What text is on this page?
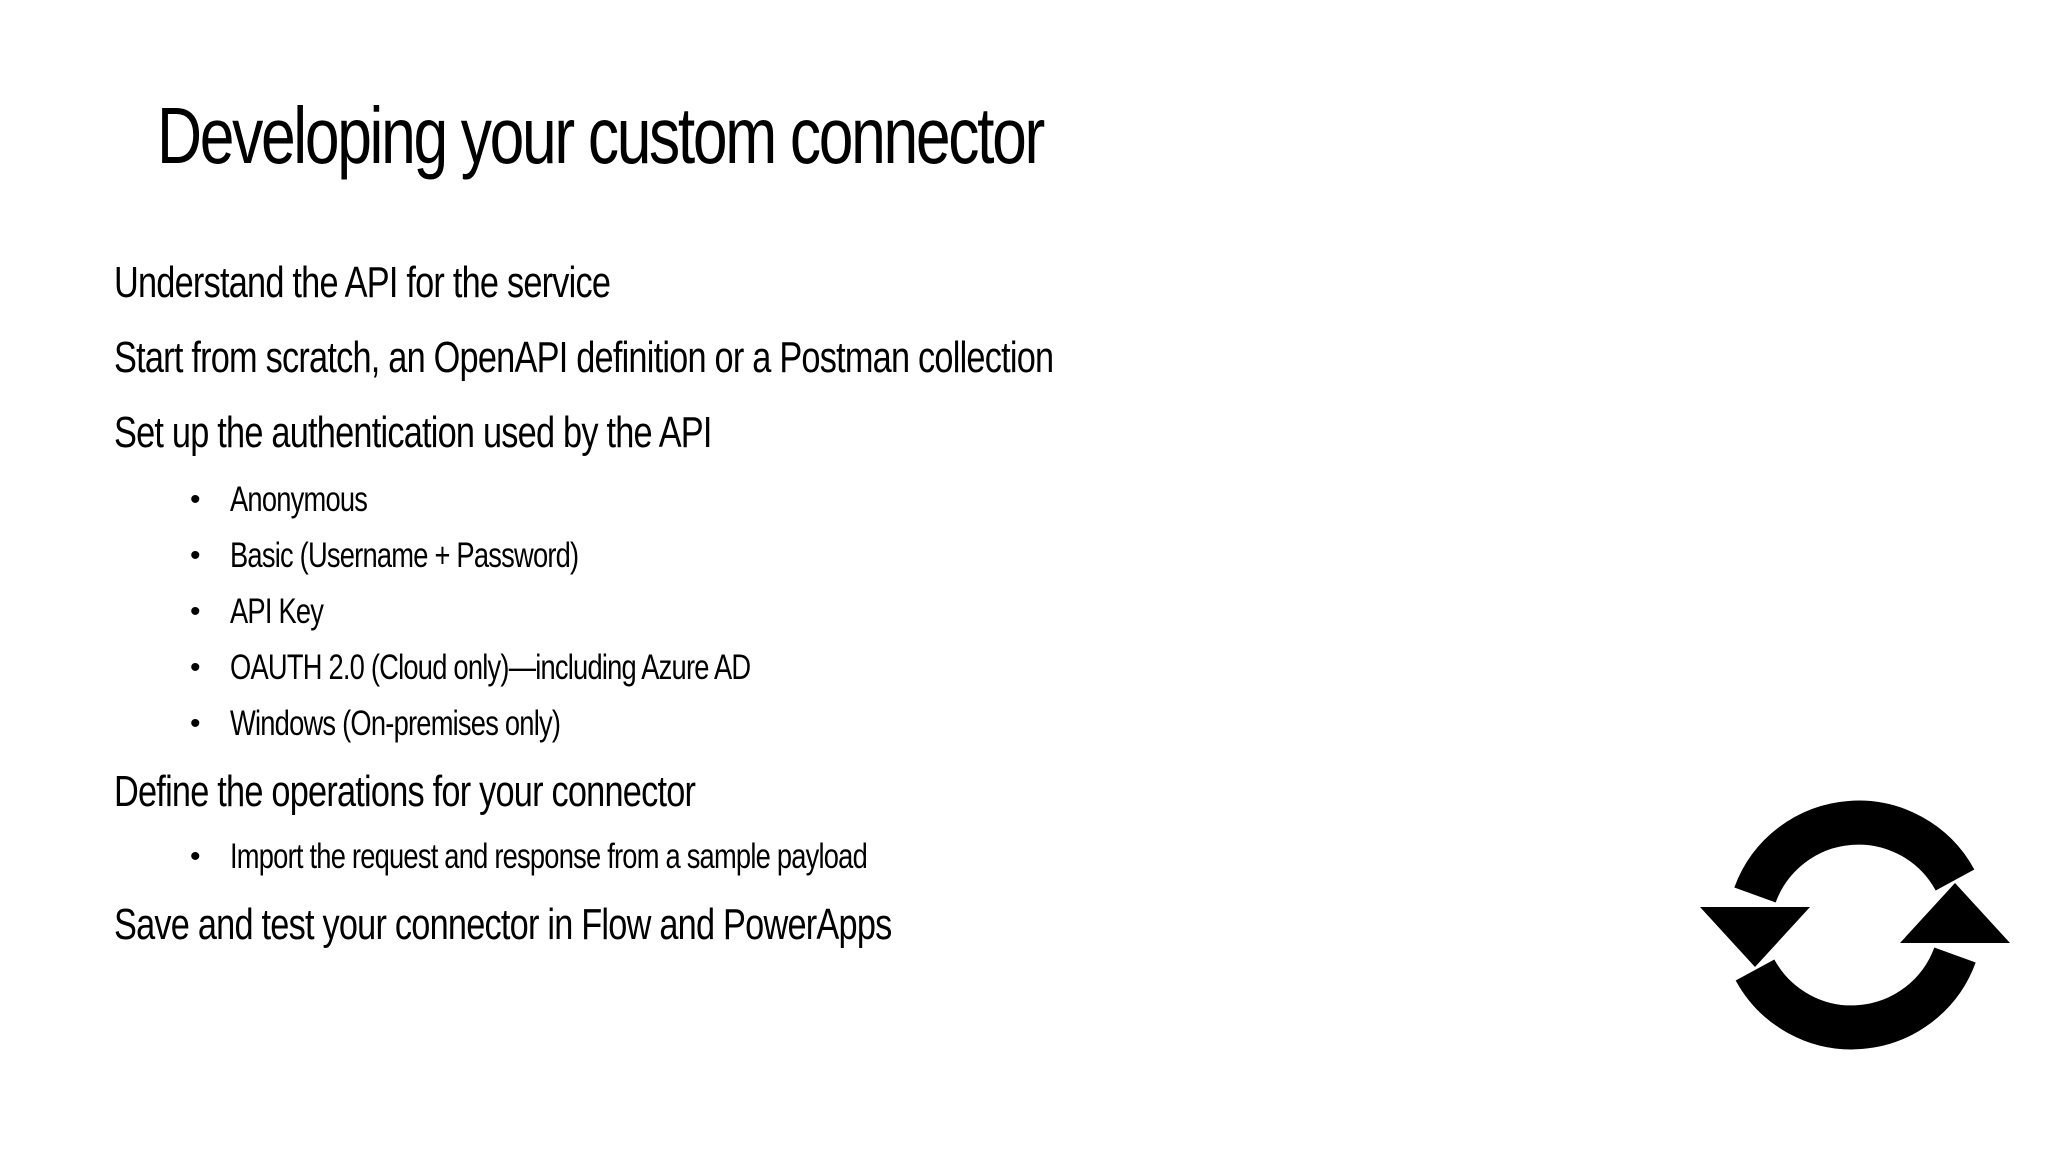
Developing your custom connector
Understand the API for the service
Start from scratch, an OpenAPI definition or a Postman collection
Set up the authentication used by the API
• Anonymous
• Basic (Username + Password)
• API Key
• OAUTH 2.0 (Cloud only)—including Azure AD
• Windows (On-premises only)
Define the operations for your connector
• Import the request and response from a sample payload
Save and test your connector in Flow and PowerApps
